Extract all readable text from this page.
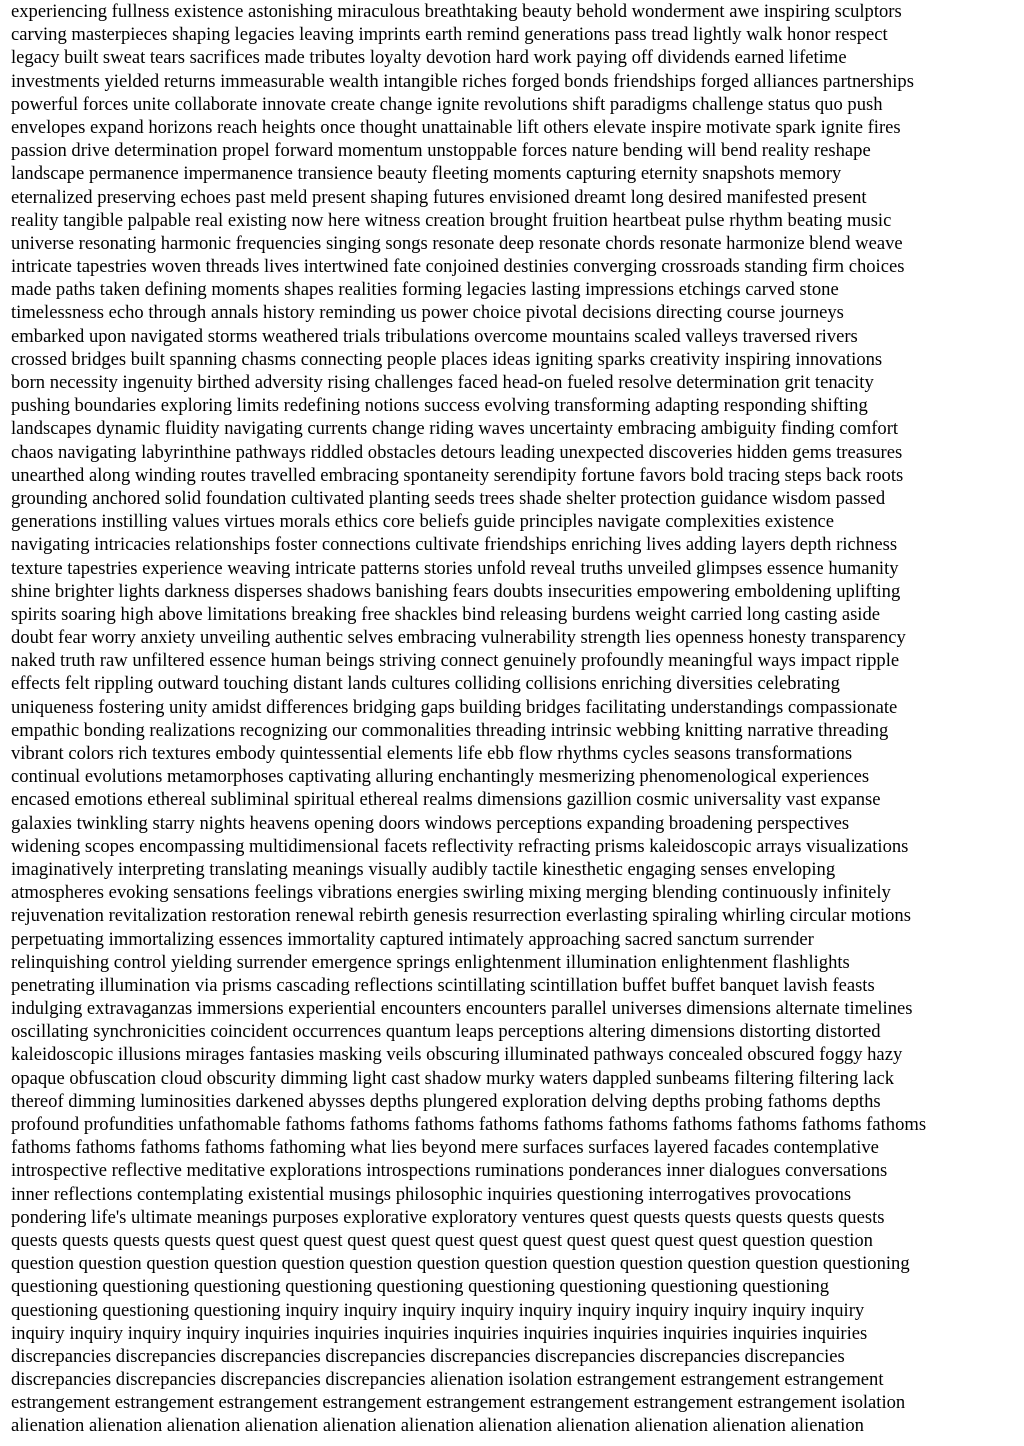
experiencing fullness existence astonishing miraculous breathtaking beauty behold wonderment awe inspiring sculptors
carving masterpieces shaping legacies leaving imprints earth remind generations pass tread lightly walk honor respect
legacy built sweat tears sacrifices made tributes loyalty devotion hard work paying off dividends earned lifetime
investments yielded returns immeasurable wealth intangible riches forged bonds friendships forged alliances partnerships
powerful forces unite collaborate innovate create change ignite revolutions shift paradigms challenge status quo push
envelopes expand horizons reach heights once thought unattainable lift others elevate inspire motivate spark ignite fires
passion drive determination propel forward momentum unstoppable forces nature bending will bend reality reshape
landscape permanence impermanence transience beauty fleeting moments capturing eternity snapshots memory
eternalized preserving echoes past meld present shaping futures envisioned dreamt long desired manifested present
reality tangible palpable real existing now here witness creation brought fruition heartbeat pulse rhythm beating music
universe resonating harmonic frequencies singing songs resonate deep resonate chords resonate harmonize blend weave
intricate tapestries woven threads lives intertwined fate conjoined destinies converging crossroads standing firm choices
made paths taken defining moments shapes realities forming legacies lasting impressions etchings carved stone
timelessness echo through annals history reminding us power choice pivotal decisions directing course journeys
embarked upon navigated storms weathered trials tribulations overcome mountains scaled valleys traversed rivers
crossed bridges built spanning chasms connecting people places ideas igniting sparks creativity inspiring innovations
born necessity ingenuity birthed adversity rising challenges faced head-on fueled resolve determination grit tenacity
pushing boundaries exploring limits redefining notions success evolving transforming adapting responding shifting
landscapes dynamic fluidity navigating currents change riding waves uncertainty embracing ambiguity finding comfort
chaos navigating labyrinthine pathways riddled obstacles detours leading unexpected discoveries hidden gems treasures
unearthed along winding routes travelled embracing spontaneity serendipity fortune favors bold tracing steps back roots
grounding anchored solid foundation cultivated planting seeds trees shade shelter protection guidance wisdom passed
generations instilling values virtues morals ethics core beliefs guide principles navigate complexities existence
navigating intricacies relationships foster connections cultivate friendships enriching lives adding layers depth richness
texture tapestries experience weaving intricate patterns stories unfold reveal truths unveiled glimpses essence humanity
shine brighter lights darkness disperses shadows banishing fears doubts insecurities empowering emboldening uplifting
spirits soaring high above limitations breaking free shackles bind releasing burdens weight carried long casting aside
doubt fear worry anxiety unveiling authentic selves embracing vulnerability strength lies openness honesty transparency
naked truth raw unfiltered essence human beings striving connect genuinely profoundly meaningful ways impact ripple
effects felt rippling outward touching distant lands cultures colliding collisions enriching diversities celebrating
uniqueness fostering unity amidst differences bridging gaps building bridges facilitating understandings compassionate
empathic bonding realizations recognizing our commonalities threading intrinsic webbing knitting narrative threading
vibrant colors rich textures embody quintessential elements life ebb flow rhythms cycles seasons transformations
continual evolutions metamorphoses captivating alluring enchantingly mesmerizing phenomenological experiences
encased emotions ethereal subliminal spiritual ethereal realms dimensions gazillion cosmic universality vast expanse
galaxies twinkling starry nights heavens opening doors windows perceptions expanding broadening perspectives
widening scopes encompassing multidimensional facets reflectivity refracting prisms kaleidoscopic arrays visualizations
imaginatively interpreting translating meanings visually audibly tactile kinesthetic engaging senses enveloping
atmospheres evoking sensations feelings vibrations energies swirling mixing merging blending continuously infinitely
rejuvenation revitalization restoration renewal rebirth genesis resurrection everlasting spiraling whirling circular motions
perpetuating immortalizing essences immortality captured intimately approaching sacred sanctum surrender
relinquishing control yielding surrender emergence springs enlightenment illumination enlightenment flashlights
penetrating illumination via prisms cascading reflections scintillating scintillation buffet buffet banquet lavish feasts
indulging extravaganzas immersions experiential encounters encounters parallel universes dimensions alternate timelines
oscillating synchronicities coincident occurrences quantum leaps perceptions altering dimensions distorting distorted
kaleidoscopic illusions mirages fantasies masking veils obscuring illuminated pathways concealed obscured foggy hazy
opaque obfuscation cloud obscurity dimming light cast shadow murky waters dappled sunbeams filtering filtering lack
thereof dimming luminosities darkened abysses depths plungered exploration delving depths probing fathoms depths
profound profundities unfathomable fathoms fathoms fathoms fathoms fathoms fathoms fathoms fathoms fathoms fathoms
fathoms fathoms fathoms fathoms fathoming what lies beyond mere surfaces surfaces layered facades contemplative
introspective reflective meditative explorations introspections ruminations ponderances inner dialogues conversations
inner reflections contemplating existential musings philosophic inquiries questioning interrogatives provocations
pondering life's ultimate meanings purposes explorative exploratory ventures quest quests quests quests quests quests
quests quests quests quests quest quest quest quest quest quest quest quest quest quest quest quest question question
question question question question question question question question question question question question questioning
questioning questioning questioning questioning questioning questioning questioning questioning questioning
questioning questioning questioning inquiry inquiry inquiry inquiry inquiry inquiry inquiry inquiry inquiry inquiry
inquiry inquiry inquiry inquiry inquiries inquiries inquiries inquiries inquiries inquiries inquiries inquiries inquiries
discrepancies discrepancies discrepancies discrepancies discrepancies discrepancies discrepancies discrepancies
discrepancies discrepancies discrepancies discrepancies alienation isolation estrangement estrangement estrangement
estrangement estrangement estrangement estrangement estrangement estrangement estrangement estrangement isolation
alienation alienation alienation alienation alienation alienation alienation alienation alienation alienation alienation
